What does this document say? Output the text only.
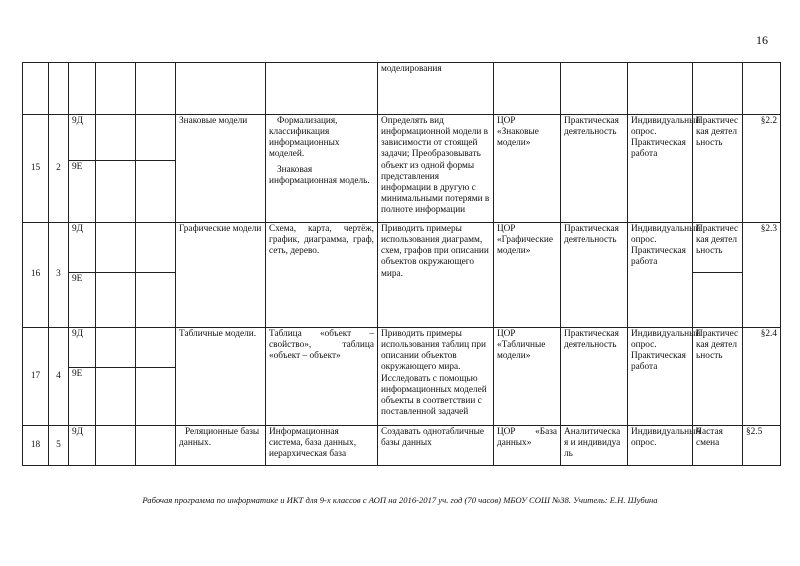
16
							моделирования					
15	2	9Д			Знаковые модели	Формализация, классификация информационных моделей.
Знаковая информационная модель.	Определять вид информационной модели в зависимости от стоящей задачи; Преобразовывать объект из одной формы представления информации в другую с минимальными потерями в полноте информации	ЦОР «Знаковые модели»	Практическая деятельность	Индивидуальный опрос. Практическая работа	Практическая деятельность	§2.2
		9Е										
16	3	9Д			Графические модели	Схема, карта, чертёж, график, диаграмма, граф, сеть, дерево.	Приводить примеры использования диаграмм, схем, графов при описании объектов окружающего мира.	ЦОР «Графические модели»	Практическая деятельность	Индивидуальный опрос. Практическая работа	Практическая деятельность	§2.3
		9Е										
17	4	9Д			Табличные модели.	Таблица «объект – свойство», таблица «объект – объект»	Приводить примеры использования таблиц при описании объектов окружающего мира. Исследовать с помощью информационных моделей объекты в соответствии с поставленной задачей	ЦОР «Табличные модели»	Практическая деятельность	Индивидуальный опрос. Практическая работа	Практическая деятельность	§2.4
		9Е										
18	5	9Д			Реляционные базы данных.	Информационная система, база данных, иерархическая база	Создавать однотабличные базы данных	ЦОР «База данных»	Аналитическая и индивидуаль	Индивидуальный опрос.	Частая смена	§2.5
Рабочая программа по информатике и ИКТ для 9-х классов с АОП на 2016-2017 уч. год (70 часов) МБОУ СОШ №38. Учитель: Е.Н. Шубина
